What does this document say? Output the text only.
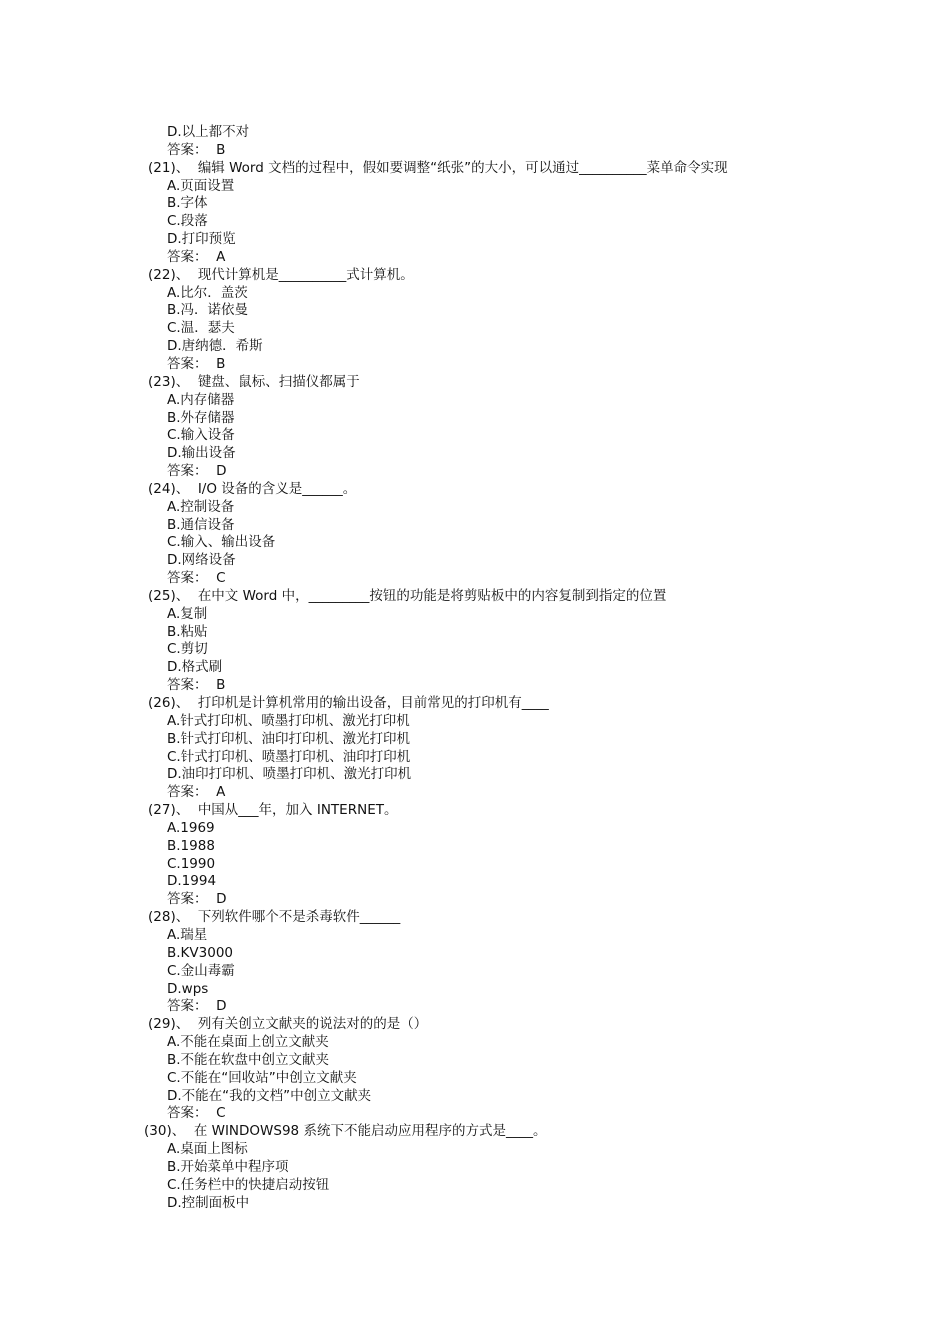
D.以上都不对
答案：  B
(21)、 编辑 Word 文档的过程中，假如要调整“纸张”的大小，可以通过__________菜单命令实现
A.页面设置
B.字体
C.段落
D.打印预览
答案：  A
(22)、 现代计算机是__________式计算机。
A.比尔．盖茨
B.冯．诺依曼
C.温．瑟夫
D.唐纳德．希斯
答案：  B
(23)、 键盘、鼠标、扫描仪都属于
A.内存储器
B.外存储器
C.输入设备
D.输出设备
答案：  D
(24)、 I/O 设备的含义是______。
A.控制设备
B.通信设备
C.输入、输出设备
D.网络设备
答案：  C
(25)、 在中文 Word 中，_________按钮的功能是将剪贴板中的内容复制到指定的位置
A.复制
B.粘贴
C.剪切
D.格式刷
答案：  B
(26)、 打印机是计算机常用的输出设备，目前常见的打印机有____
A.针式打印机、喷墨打印机、激光打印机
B.针式打印机、油印打印机、激光打印机
C.针式打印机、喷墨打印机、油印打印机
D.油印打印机、喷墨打印机、激光打印机
答案：  A
(27)、 中国从___年，加入 INTERNET。
A.1969
B.1988
C.1990
D.1994
答案：  D
(28)、 下列软件哪个不是杀毒软件______
A.瑞星
B.KV3000
C.金山毒霸
D.wps
答案：  D
(29)、 列有关创立文献夹的说法对的的是（）
A.不能在桌面上创立文献夹
B.不能在软盘中创立文献夹
C.不能在“回收站”中创立文献夹
D.不能在“我的文档”中创立文献夹
答案：  C
(30)、 在 WINDOWS98 系统下不能启动应用程序的方式是____。
A.桌面上图标
B.开始菜单中程序项
C.任务栏中的快捷启动按钮
D.控制面板中
